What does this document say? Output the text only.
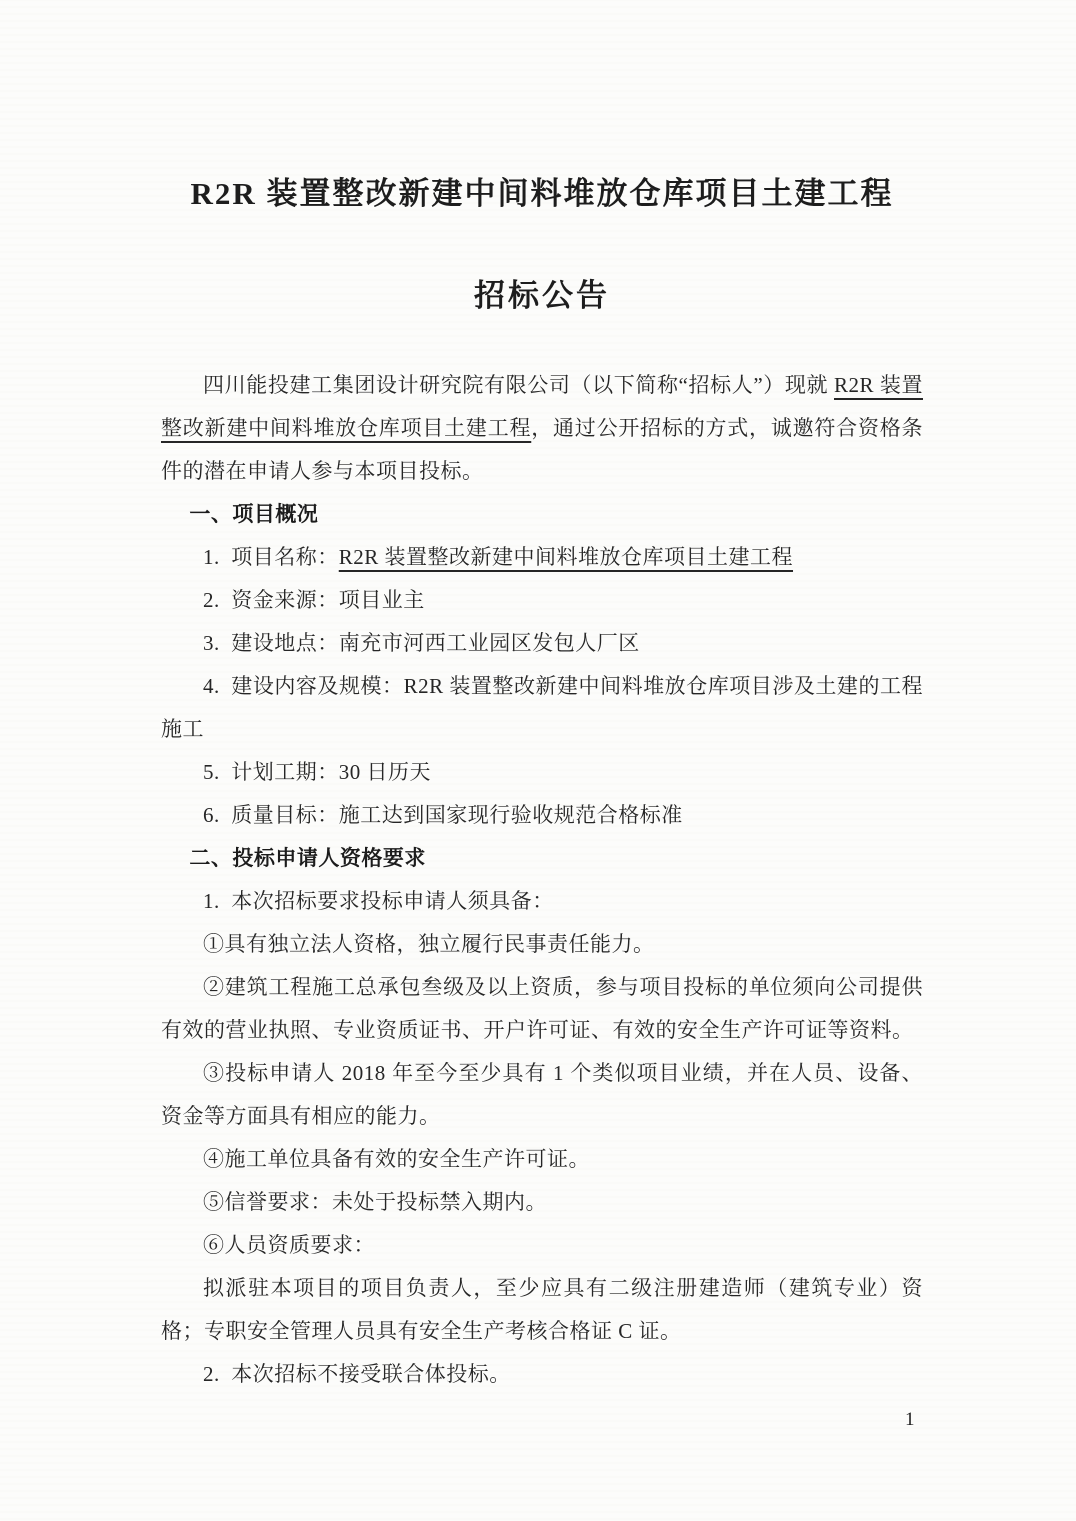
R2R 装置整改新建中间料堆放仓库项目土建工程
招标公告

四川能投建工集团设计研究院有限公司（以下简称“招标人”）现就 R2R 装置整改新建中间料堆放仓库项目土建工程，通过公开招标的方式，诚邀符合资格条件的潜在申请人参与本项目投标。

一、项目概况

1.  项目名称：R2R 装置整改新建中间料堆放仓库项目土建工程

2.  资金来源：项目业主

3.  建设地点：南充市河西工业园区发包人厂区

4.  建设内容及规模：R2R 装置整改新建中间料堆放仓库项目涉及土建的工程施工

5.  计划工期：30 日历天

6.  质量目标：施工达到国家现行验收规范合格标准

二、投标申请人资格要求

1.  本次招标要求投标申请人须具备：

①具有独立法人资格，独立履行民事责任能力。

②建筑工程施工总承包叁级及以上资质，参与项目投标的单位须向公司提供有效的营业执照、专业资质证书、开户许可证、有效的安全生产许可证等资料。

③投标申请人 2018 年至今至少具有 1 个类似项目业绩，并在人员、设备、资金等方面具有相应的能力。

④施工单位具备有效的安全生产许可证。

⑤信誉要求：未处于投标禁入期内。

⑥人员资质要求：

拟派驻本项目的项目负责人，至少应具有二级注册建造师（建筑专业）资格；专职安全管理人员具有安全生产考核合格证 C 证。

2.  本次招标不接受联合体投标。

1
